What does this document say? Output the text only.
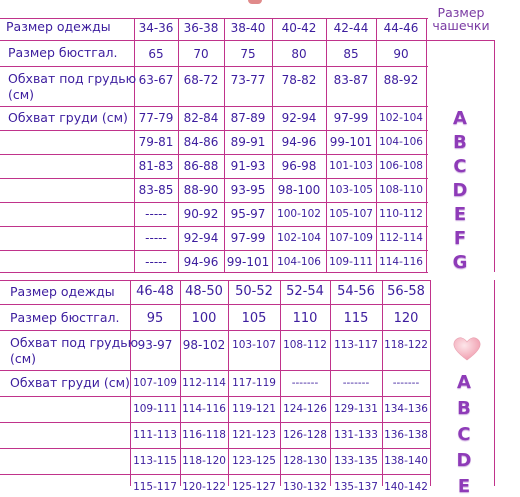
Размер
чашечки
Размер одежды	34-36 36-38	38-40	40-42	42-44	44-46
Размер бюстгал.	65	70	75	80	85	90
Обхват под грудью
(см)
63-67 68-72	73-77	78-82	83-87	88-92
Обхват груди (см) 77-79 82-84	87-89	92-94	97-99	102-104	A
79-81 84-86	89-91	94-96	99-101 104-106	B
81-83 86-88	91-93	96-98	101-103 106-108	C
83-85 88-90	93-95	98-100 103-105 108-110	D
-----	90-92	95-97	100-102 105-107 110-112	E
-----	92-94	97-99	102-104 107-109 112-114	F
-----	94-96 99-101 104-106 109-111 114-116	G
Размер одежды	46-48 48-50 50-52	52-54	54-56 56-58
Размер бюстгал.	95	100	105	110	115	120
Обхват под грудью
(см)
93-97 98-102 103-107 108-112 113-117 118-122
Обхват груди (см) 107-109 112-114 117-119	-------	-------	-------	A
109-111 114-116 119-121 124-126 129-131 134-136	B
111-113 116-118 121-123 126-128 131-133 136-138	C
113-115 118-120 123-125 128-130 133-135 138-140	D
115-117 120-122 125-127 130-132 135-137 140-142	E
